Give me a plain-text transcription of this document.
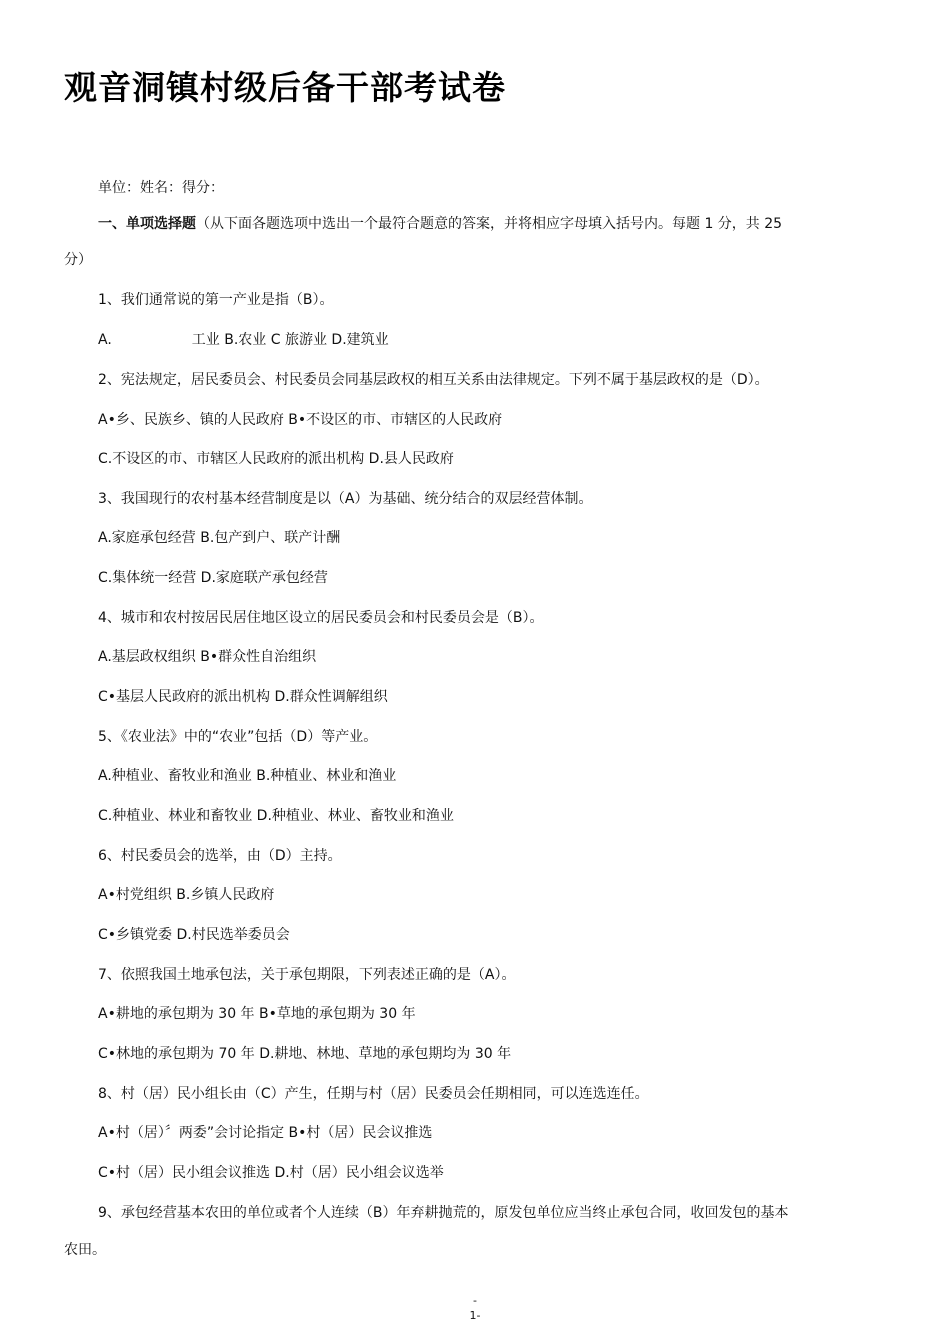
观音洞镇村级后备干部考试卷
单位：姓名：得分：
一、单项选择题（从下面各题选项中选出一个最符合题意的答案，并将相应字母填入括号内。每题 1 分，共 25
分）
1、我们通常说的第一产业是指（B）。
A.	工业 B.农业 C 旅游业 D.建筑业
2、宪法规定，居民委员会、村民委员会同基层政权的相互关系由法律规定。下列不属于基层政权的是（D）。
A•乡、民族乡、镇的人民政府 B•不设区的市、市辖区的人民政府
C.不设区的市、市辖区人民政府的派出机构 D.县人民政府
3、我国现行的农村基本经营制度是以（A）为基础、统分结合的双层经营体制。
A.家庭承包经营 B.包产到户、联产计酬
C.集体统一经营 D.家庭联产承包经营
4、城市和农村按居民居住地区设立的居民委员会和村民委员会是（B）。
A.基层政权组织 B•群众性自治组织
C•基层人民政府的派出机构 D.群众性调解组织
5、《农业法》中的“农业”包括（D）等产业。
A.种植业、畜牧业和渔业 B.种植业、林业和渔业
C.种植业、林业和畜牧业 D.种植业、林业、畜牧业和渔业
6、村民委员会的选举，由（D）主持。
A•村党组织 B.乡镇人民政府
C•乡镇党委 D.村民选举委员会
7、依照我国土地承包法，关于承包期限，下列表述正确的是（A）。
A•耕地的承包期为 30 年 B•草地的承包期为 30 年
C•林地的承包期为 70 年 D.耕地、林地、草地的承包期均为 30 年
8、村（居）民小组长由（C）产生，任期与村（居）民委员会任期相同，可以连选连任。
A•村（居）〞两委”会讨论指定 B•村（居）民会议推选
C•村（居）民小组会议推选 D.村（居）民小组会议选举
9、承包经营基本农田的单位或者个人连续（B）年弃耕抛荒的，原发包单位应当终止承包合同，收回发包的基本
农田。
-
1-
